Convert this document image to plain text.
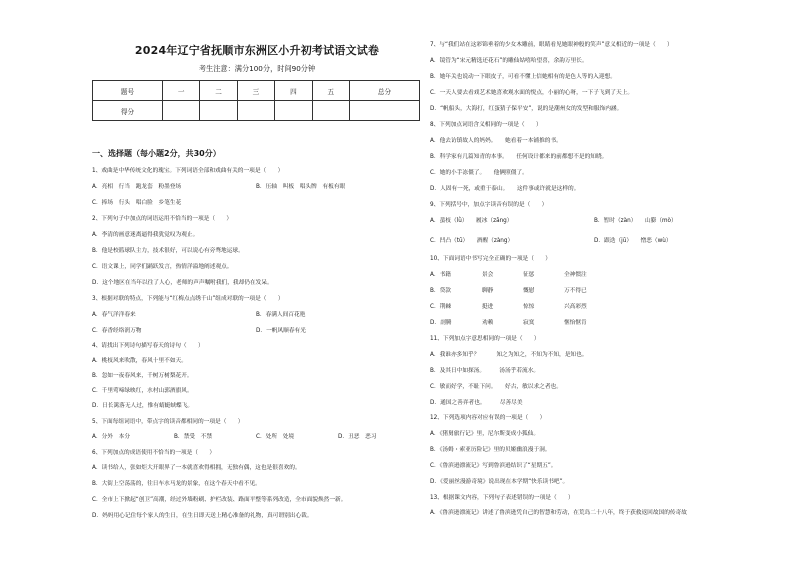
2024年辽宁省抚顺市东洲区小升初考试语文试卷
考生注意：满分100分，时间90分钟
题号	一	二	三	四	五	总分
得分						
一、选择题（每小题2分，共30分）
1、戏曲是中华传统文化的瑰宝。下列词语全部和戏曲有关的一项是（　　）
A．亮相　行当　跑龙套　粉墨登场	B．压轴　叫板　唱头牌　有板有眼
C．捧场　行头　唱白脸　乡笔生花
2、下列句子中加点的词语运用不恰当的一项是（　　）
A．李清的画意迷离逼得我犹觉叹为观止。
B．他是校篮球队主力，技术很好，可以说心有旁骛地运球。
C．语文课上，同学们踊跃发言，热情洋溢地阐述观点。
D．这个地区在当年以往了人心，老师的声声嘱咐我们，我却仍在发呆。
3、根据对联的特点，下列能与“红梅点点绣千山”组成对联的一项是（　　）
A．春气洋洋春来	B．春满人间百花艳
C．春香经络润万物	D．一帆风顺春有光
4、请找出下列诗句描写春天的诗句（　　）
A．桃枝风来吹散，春风十里不如天。
B．忽如一夜春风来，千树万树梨花开。
C．千里莺啼绿映红，水村山郭酒旗风。
D．日长篱落无人过，惟有蜻蜓蛱蝶飞。
5、下面每组词语中，带点字的读音都相同的一项是（　　）
A．分外　本分	B．禁受　不禁	C．处所　处境	D．丑恶　恶习
6、下列加点的成语使用不恰当的一项是（　　）
A．读书给人，张如炬大开眼界了一本就喜欢得相拥，无独有偶，这也是很喜欢的。
B．大街上空荡荡的，往日车水马龙的景象，在这个春天中看不见。
C．全市上下掀起“创卫”高潮，经过外墙粉刷、护栏改装、路面平整等系列改造，全市面貌焕然一新。
D．妈妈用心记住每个家人的生日，在生日即天送上精心准备的礼物，真可谓别出心裁。
7、与“我们站在这彩锦垂着的少女木雕前，眼睛看见她眼神般的笑声”意义相近的一项是（　　）
A．镜管为“宋元精选还花石”的雕仙姑嘻哈望喜，余韵万里长。
B．她年关也说动一下眼皮子，可看不懂上信她相有的是色人等的入迎想。
C．一天人要去看戏艺术她喜欢观水面的悦点，小丽的心呀，一下子飞到了天上。
D．“帆船头，大海打，红蛋猜子保平安”，说的是潮州女的发型和服饰内涵。
8、下列加点词语含义相同的一项是（　　）
A．他去访镇故人的妈妈。　　她看着一本铺推的书。
B．科学家有几篇知青的本事。　　任何设计都来的前都想不是的知晓。
C．她的小手冻僵了。　　他俩照僵了。
D．人固有一死，或重于泰山。　　这件事或许就是这样的。
9、下列括号中，加点字读音有误的是（　　）
A．蜚枝（lǜ）　　履冰（zāng）	B．暂时（zàn）　　山膨（mò）
C．凹凸（tū）　　酒醒（zàng）	D．跟迭（jū）　　憎恶（wù）
10、下面词语中书写完全正确的一项是（　　）
A．书籍	景会	征惩	全神惯注
B．贷款	聊静	慨慰	万不得已
C．荆棘	挺进	惊惊	兴高彩烈
D．剖腾	劝赖	寂寞	惬怡惬肯
11、下列加点字意思相同的一项是（　　）
A．我谁亦多知乎？　　　知之为知之，不知为不知，是知也。
B．及其日中如探汤。　　　汤汤乎若流水。
C．敏而好学，不耻下问。　　好古，敏以求之者也。
D．通国之善弈者也。　　　尽善尽美
12、下列选项内容对应有误的一项是（　　）
A．《猪舅旅行记》里，尼尔斯变成小狐仙。
B．《汤姆・索亚历险记》里的贝姬幽浪漫于洞。
C．《鲁滨逊漂流记》写到鲁滨逊结识了“星期五”。
D．《爱丽丝漫游奇境》说出现在本学期“快乐读书吧”。
13、根据课文内容，下列句子表述错误的一项是（　　）
A．《鲁滨逊漂流记》讲述了鲁滨逊凭自己的智慧和劳动，在荒岛二十八年，终于获救返回故国的传奇故
